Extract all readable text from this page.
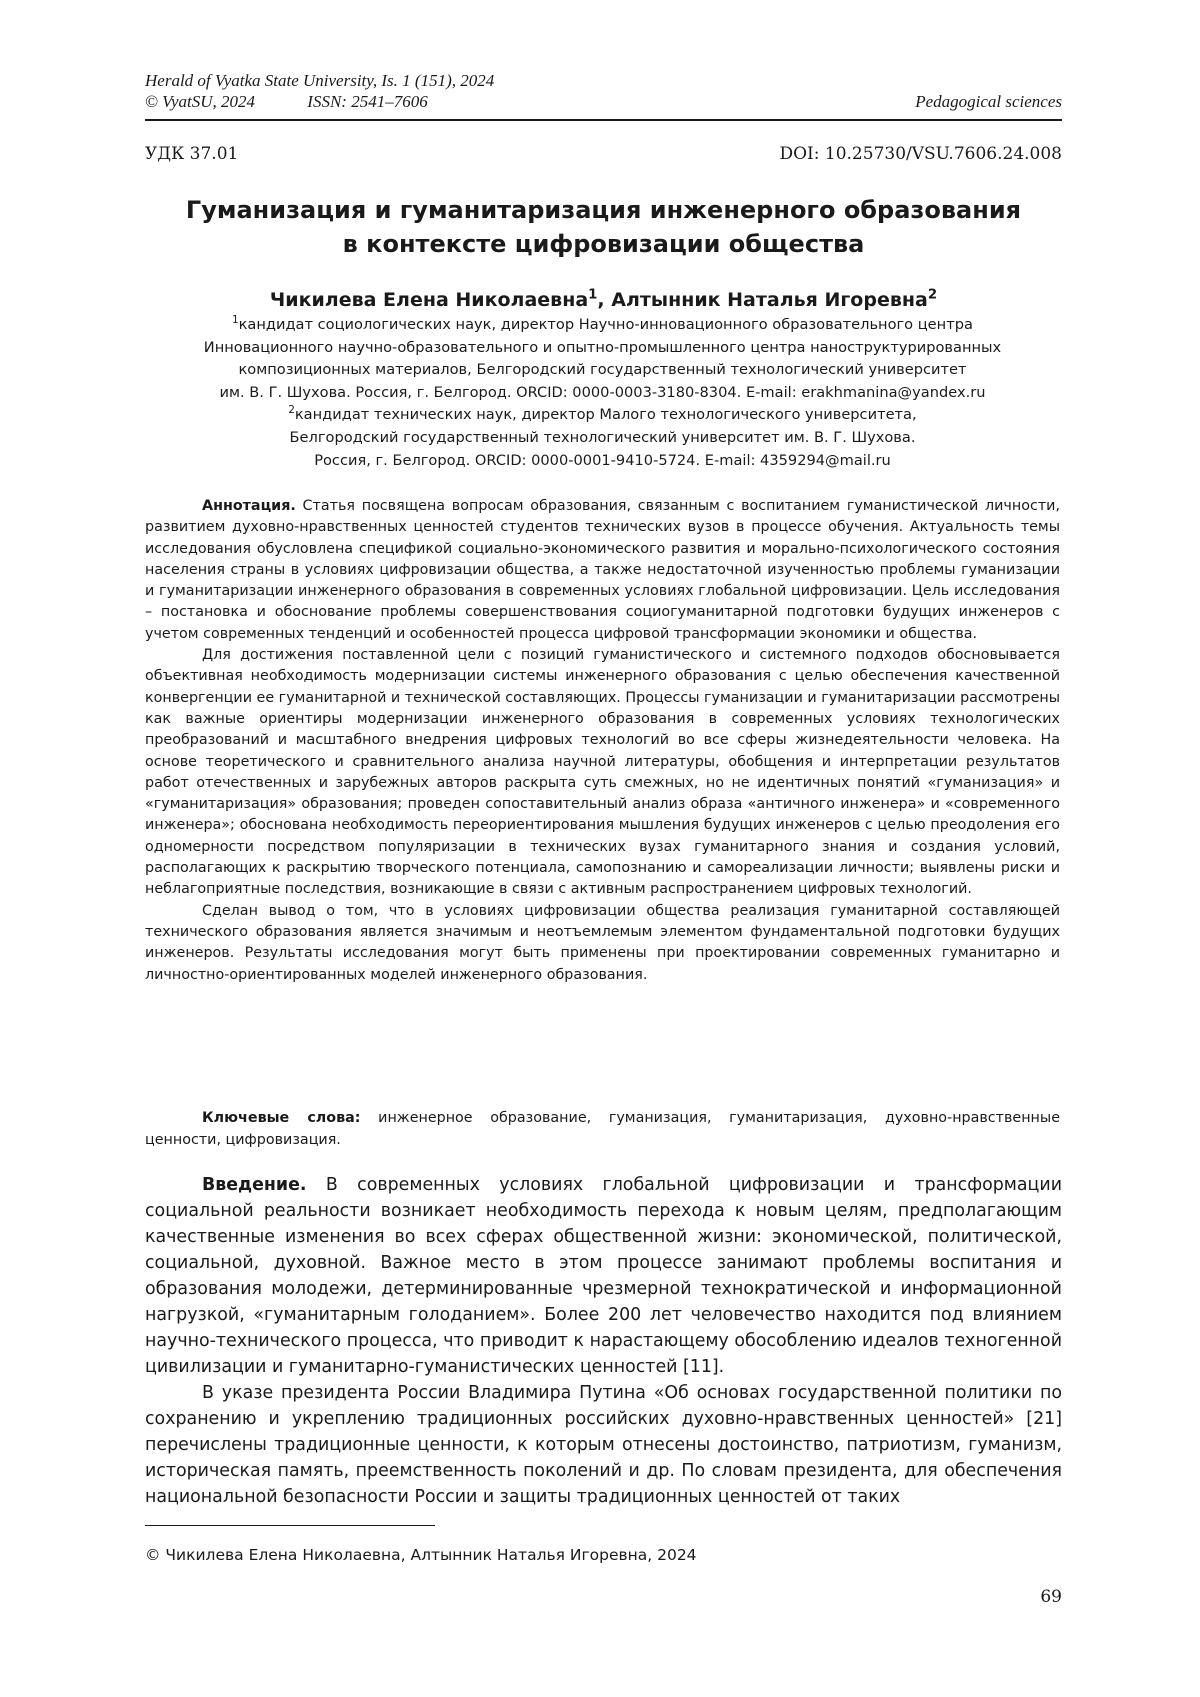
Herald of Vyatka State University, Is. 1 (151), 2024
© VyatSU, 2024	ISSN: 2541–7606	Pedagogical sciences
УДК 37.01	DOI: 10.25730/VSU.7606.24.008
Гуманизация и гуманитаризация инженерного образования
в контексте цифровизации общества
Чикилева Елена Николаевна$^1$, Алтынник Наталья Игоревна$^2$
$^1$кандидат социологических наук, директор Научно-инновационного образовательного центра
Инновационного научно-образовательного и опытно-промышленного центра наноструктурированных
композиционных материалов, Белгородский государственный технологический университет
им. В. Г. Шухова. Россия, г. Белгород. ORCID: 0000-0003-3180-8304. E-mail: erakhmanina@yandex.ru
$^2$кандидат технических наук, директор Малого технологического университета,
Белгородский государственный технологический университет им. В. Г. Шухова.
Россия, г. Белгород. ORCID: 0000-0001-9410-5724. E-mail: 4359294@mail.ru

Аннотация. Статья посвящена вопросам образования, связанным с воспитанием гуманистической личности, развитием духовно-нравственных ценностей студентов технических вузов в процессе обучения. Актуальность темы исследования обусловлена спецификой социально-экономического развития и морально-психологического состояния населения страны в условиях цифровизации общества, а также недостаточной изученностью проблемы гуманизации и гуманитаризации инженерного образования в современных условиях глобальной цифровизации. Цель исследования – постановка и обоснование проблемы совершенствования социогуманитарной подготовки будущих инженеров с учетом современных тенденций и особенностей процесса цифровой трансформации экономики и общества.

Для достижения поставленной цели с позиций гуманистического и системного подходов обосновывается объективная необходимость модернизации системы инженерного образования с целью обеспечения качественной конвергенции ее гуманитарной и технической составляющих. Процессы гуманизации и гуманитаризации рассмотрены как важные ориентиры модернизации инженерного образования в современных условиях технологических преобразований и масштабного внедрения цифровых технологий во все сферы жизнедеятельности человека. На основе теоретического и сравнительного анализа научной литературы, обобщения и интерпретации результатов работ отечественных и зарубежных авторов раскрыта суть смежных, но не идентичных понятий «гуманизация» и «гуманитаризация» образования; проведен сопоставительный анализ образа «античного инженера» и «современного инженера»; обоснована необходимость переориентирования мышления будущих инженеров с целью преодоления его одномерности посредством популяризации в технических вузах гуманитарного знания и создания условий, располагающих к раскрытию творческого потенциала, самопознанию и самореализации личности; выявлены риски и неблагоприятные последствия, возникающие в связи с активным распространением цифровых технологий.

Сделан вывод о том, что в условиях цифровизации общества реализация гуманитарной составляющей технического образования является значимым и неотъемлемым элементом фундаментальной подготовки будущих инженеров. Результаты исследования могут быть применены при проектировании современных гуманитарно и личностно-ориентированных моделей инженерного образования.

Ключевые слова: инженерное образование, гуманизация, гуманитаризация, духовно-нравственные ценности, цифровизация.

Введение. В современных условиях глобальной цифровизации и трансформации социальной реальности возникает необходимость перехода к новым целям, предполагающим качественные изменения во всех сферах общественной жизни: экономической, политической, социальной, духовной. Важное место в этом процессе занимают проблемы воспитания и образования молодежи, детерминированные чрезмерной технократической и информационной нагрузкой, «гуманитарным голоданием». Более 200 лет человечество находится под влиянием научно-технического процесса, что приводит к нарастающему обособлению идеалов техногенной цивилизации и гуманитарно-гуманистических ценностей [11].

В указе президента России Владимира Путина «Об основах государственной политики по сохранению и укреплению традиционных российских духовно-нравственных ценностей» [21] перечислены традиционные ценности, к которым отнесены достоинство, патриотизм, гуманизм, историческая память, преемственность поколений и др. По словам президента, для обеспечения национальной безопасности России и защиты традиционных ценностей от таких

© Чикилева Елена Николаевна, Алтынник Наталья Игоревна, 2024
69
